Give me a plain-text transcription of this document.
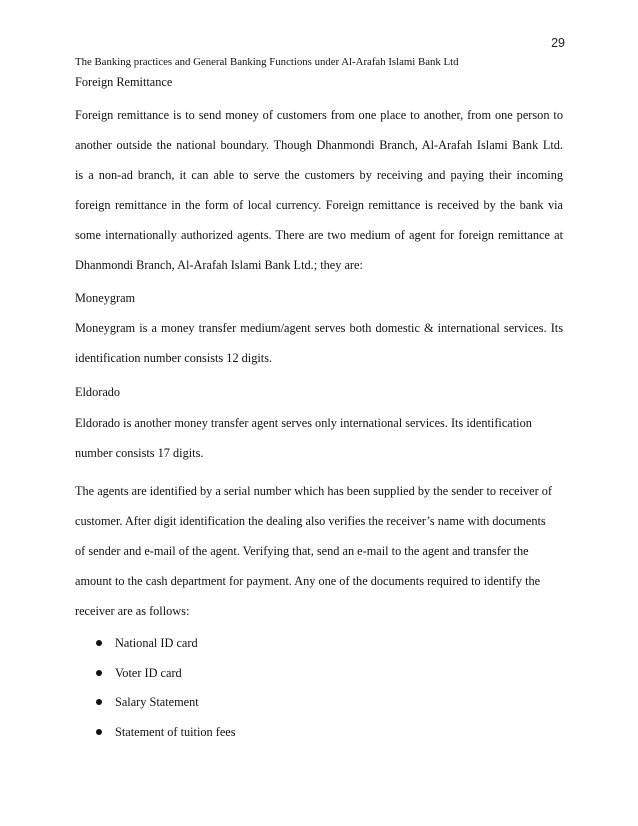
29
The Banking practices and General Banking Functions under Al-Arafah Islami Bank Ltd
Foreign Remittance
Foreign remittance is to send money of customers from one place to another, from one person to
another outside the national boundary. Though Dhanmondi Branch, Al-Arafah Islami Bank Ltd.
is a non-ad branch, it can able to serve the customers by receiving and paying their incoming
foreign remittance in the form of local currency. Foreign remittance is received by the bank via
some internationally authorized agents. There are two medium of agent for foreign remittance at
Dhanmondi Branch, Al-Arafah Islami Bank Ltd.; they are:
Moneygram
Moneygram is a money transfer medium/agent serves both domestic & international services. Its
identification number consists 12 digits.
Eldorado
Eldorado is another money transfer agent serves only international services. Its identification
number consists 17 digits.
The agents are identified by a serial number which has been supplied by the sender to receiver of
customer. After digit identification the dealing also verifies the receiver’s name with documents
of sender and e-mail of the agent. Verifying that, send an e-mail to the agent and transfer the
amount to the cash department for payment. Any one of the documents required to identify the
receiver are as follows:
National ID card
Voter ID card
Salary Statement
Statement of tuition fees
